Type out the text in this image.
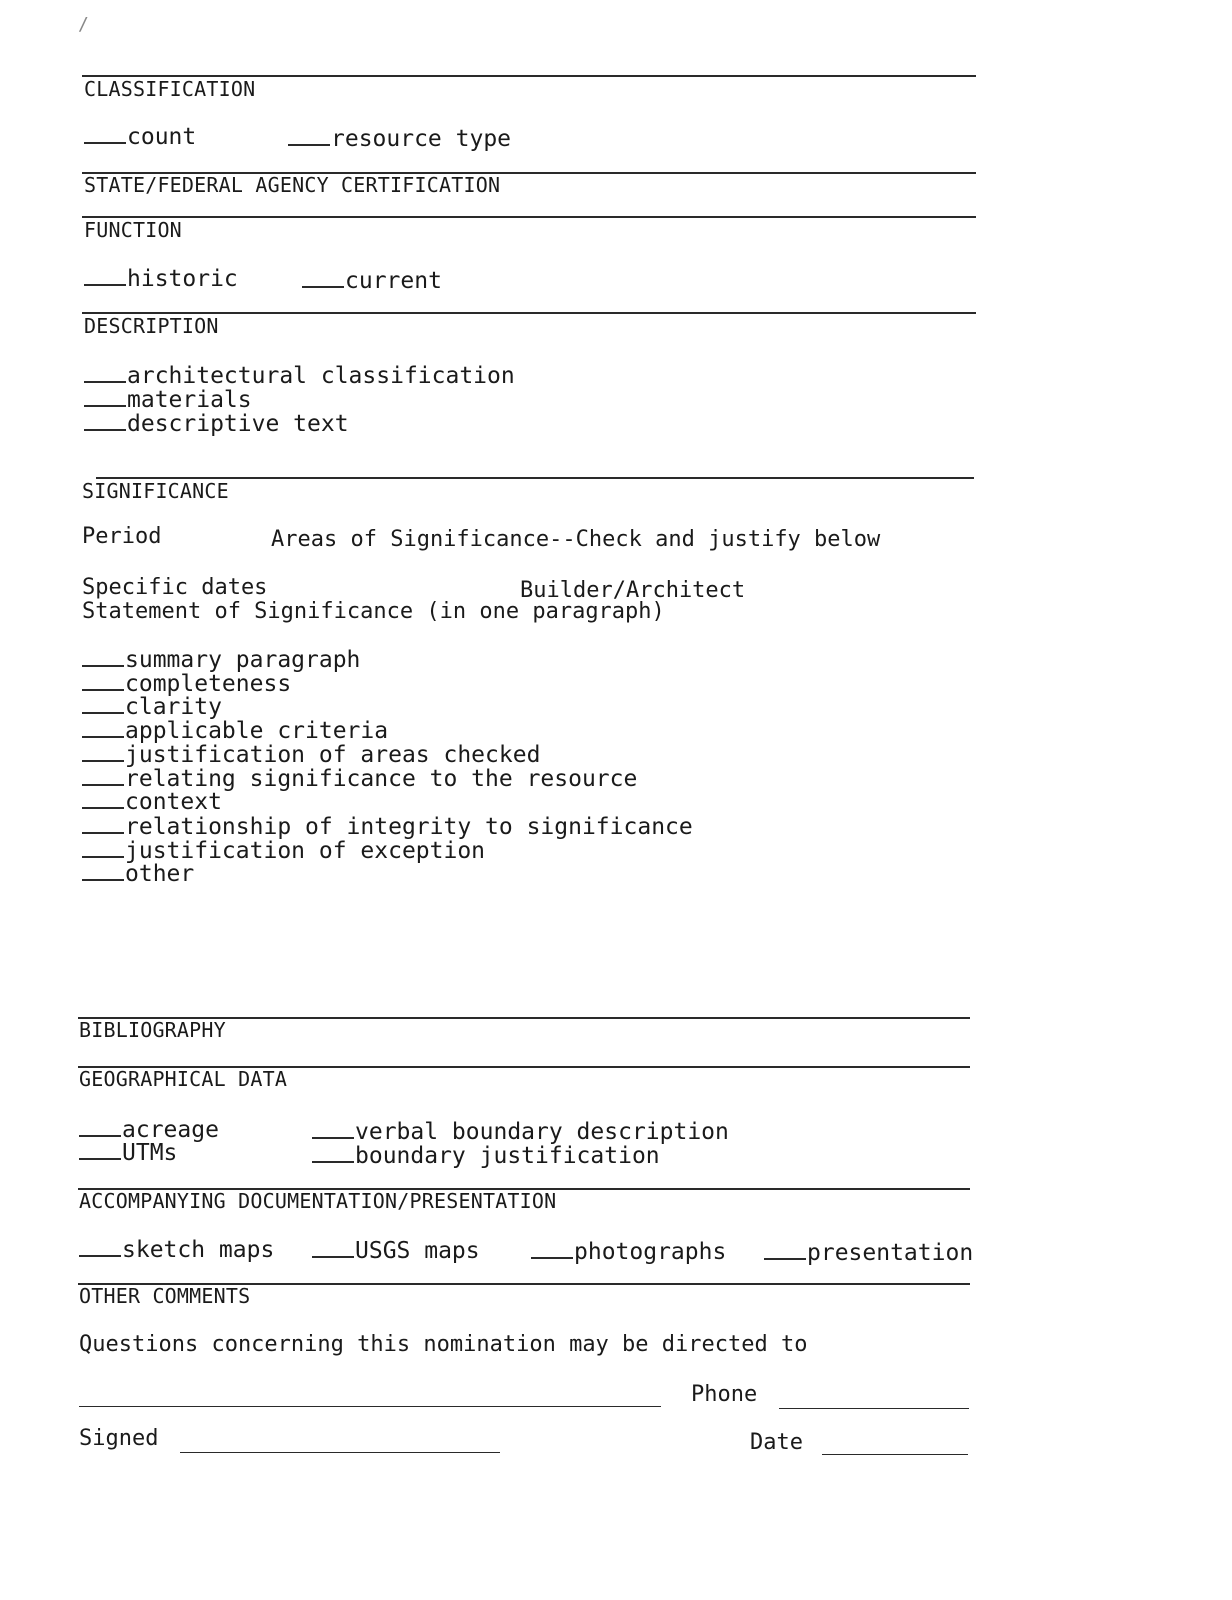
/
CLASSIFICATION
count	resource type
STATE/FEDERAL AGENCY CERTIFICATION
FUNCTION
historic	current
DESCRIPTION
architectural classification
materials
descriptive text
SIGNIFICANCE
Period	Areas of Significance--Check and justify below
Specific dates	Builder/Architect
Statement of Significance (in one paragraph)
summary paragraph
completeness
clarity
applicable criteria
justification of areas checked
relating significance to the resource
context
relationship of integrity to significance
justification of exception
other
BIBLIOGRAPHY
GEOGRAPHICAL DATA
acreage
UTMs
verbal boundary description
boundary justification
ACCOMPANYING DOCUMENTATION/PRESENTATION
sketch maps	USGS maps	photographs	presentation
OTHER COMMENTS
Questions concerning this nomination may be directed to
Phone
Signed	Date
